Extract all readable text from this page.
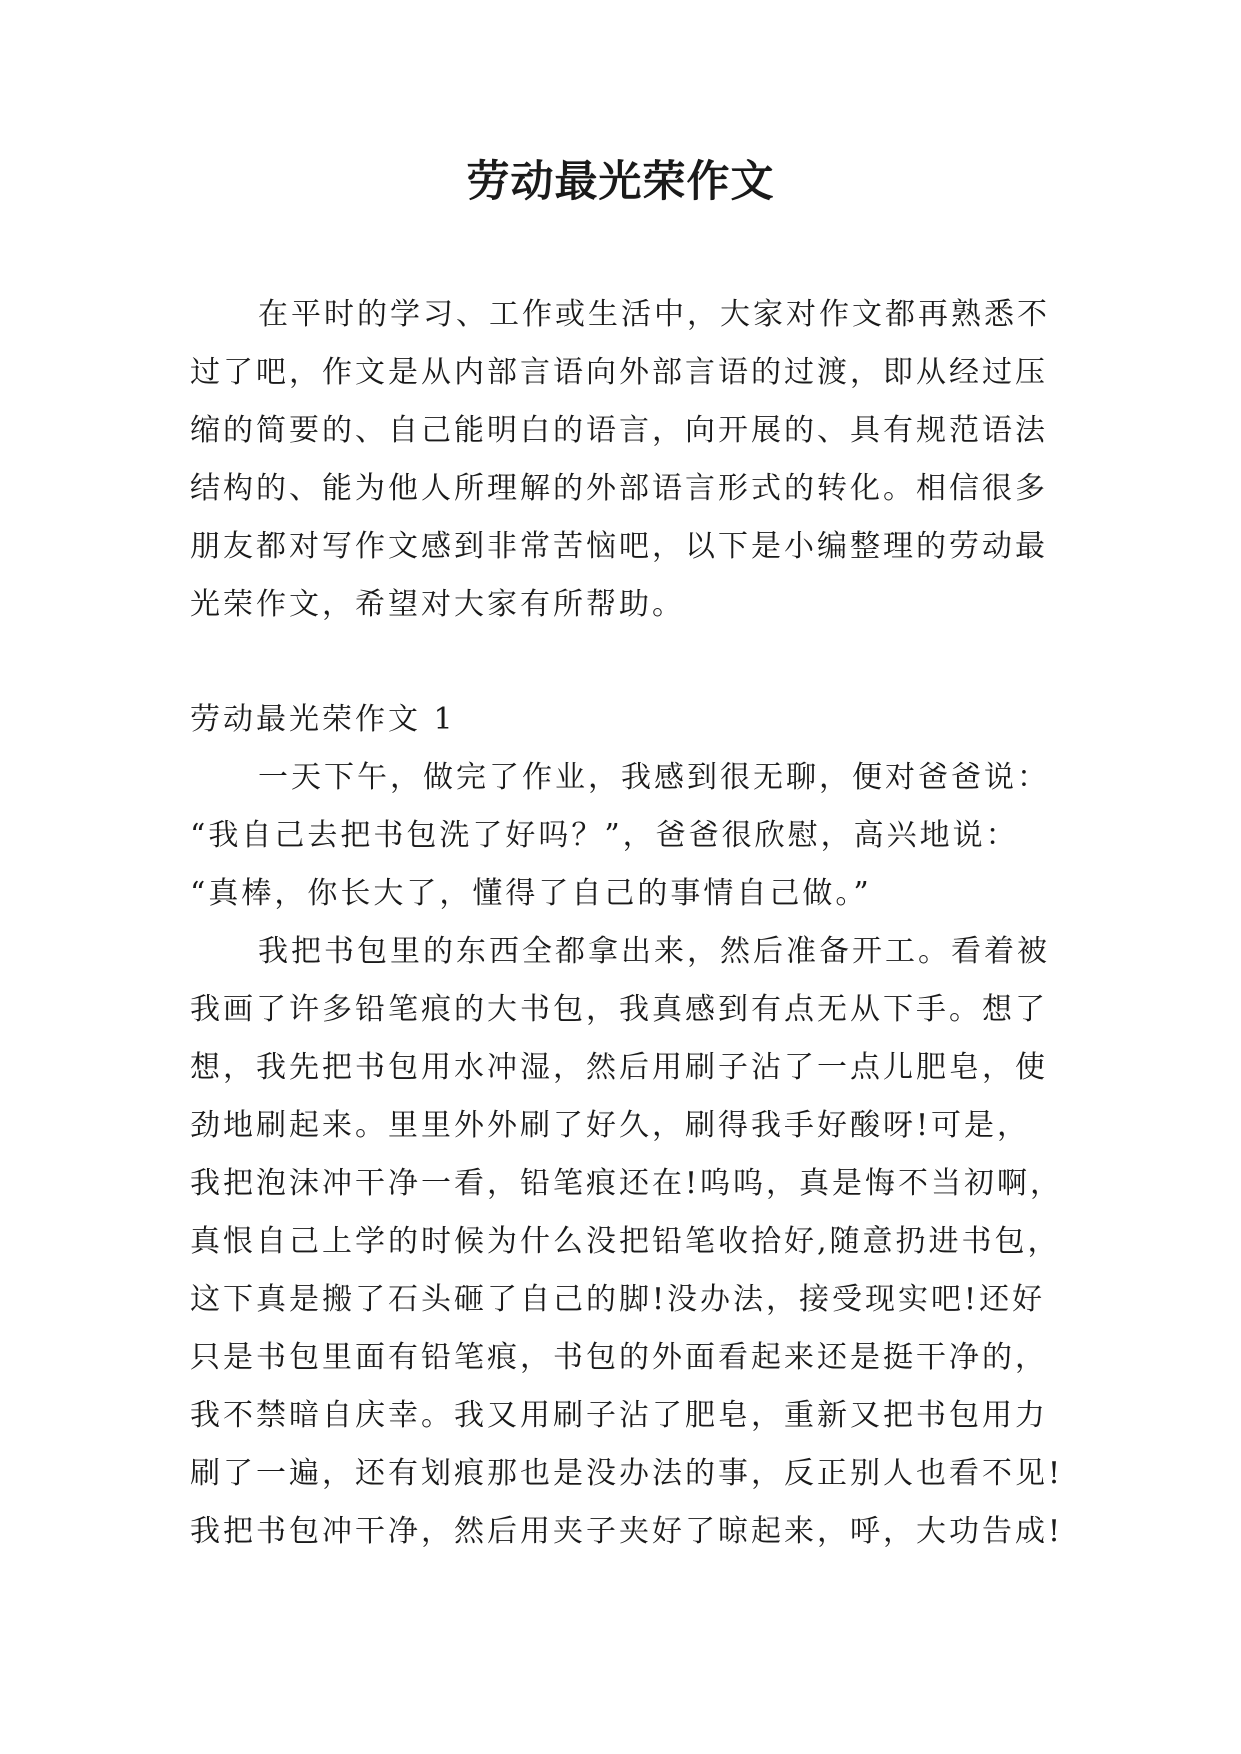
劳动最光荣作文
在平时的学习、工作或生活中，大家对作文都再熟悉不
过了吧，作文是从内部言语向外部言语的过渡，即从经过压
缩的简要的、自己能明白的语言，向开展的、具有规范语法
结构的、能为他人所理解的外部语言形式的转化。相信很多
朋友都对写作文感到非常苦恼吧，以下是小编整理的劳动最
光荣作文，希望对大家有所帮助。
劳动最光荣作文 1
一天下午，做完了作业，我感到很无聊，便对爸爸说：
“我自己去把书包洗了好吗？”，爸爸很欣慰，高兴地说：
“真棒，你长大了，懂得了自己的事情自己做。”
我把书包里的东西全都拿出来，然后准备开工。看着被
我画了许多铅笔痕的大书包，我真感到有点无从下手。想了
想，我先把书包用水冲湿，然后用刷子沾了一点儿肥皂，使
劲地刷起来。里里外外刷了好久，刷得我手好酸呀!可是，
我把泡沫冲干净一看，铅笔痕还在!呜呜，真是悔不当初啊，
真恨自己上学的时候为什么没把铅笔收拾好,随意扔进书包，
这下真是搬了石头砸了自己的脚!没办法，接受现实吧!还好
只是书包里面有铅笔痕，书包的外面看起来还是挺干净的，
我不禁暗自庆幸。我又用刷子沾了肥皂，重新又把书包用力
刷了一遍，还有划痕那也是没办法的事，反正别人也看不见!
我把书包冲干净，然后用夹子夹好了晾起来，呼，大功告成!
